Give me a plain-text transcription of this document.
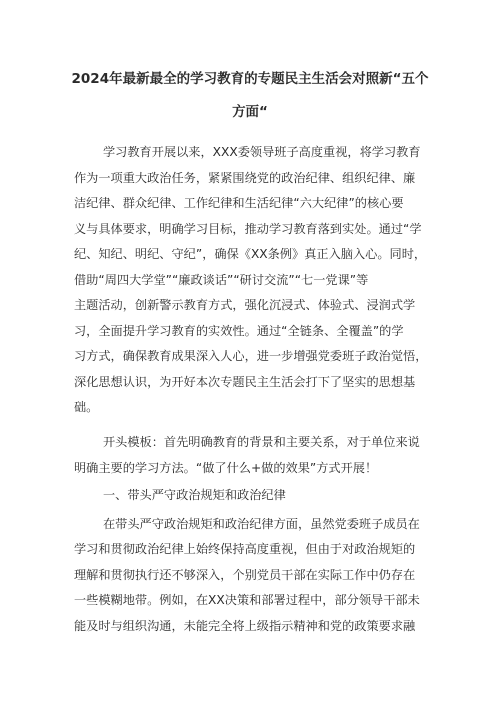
2024年最新最全的学习教育的专题民主生活会对照新“五个
方面“
学习教育开展以来，XXX委领导班子高度重视，将学习教育
作为一项重大政治任务，紧紧围绕党的政治纪律、组织纪律、廉
洁纪律、群众纪律、工作纪律和生活纪律“六大纪律”的核心要
义与具体要求，明确学习目标，推动学习教育落到实处。通过“学
纪、知纪、明纪、守纪”，确保《XX条例》真正入脑入心。同时，
借助“周四大学堂”“廉政谈话”“研讨交流”“七一党课”等
主题活动，创新警示教育方式，强化沉浸式、体验式、浸润式学
习，全面提升学习教育的实效性。通过“全链条、全覆盖”的学
习方式，确保教育成果深入人心，进一步增强党委班子政治觉悟，
深化思想认识，为开好本次专题民主生活会打下了坚实的思想基
础。
开头模板：首先明确教育的背景和主要关系，对于单位来说
明确主要的学习方法。“做了什么+做的效果”方式开展！
一、带头严守政治规矩和政治纪律
在带头严守政治规矩和政治纪律方面，虽然党委班子成员在
学习和贯彻政治纪律上始终保持高度重视，但由于对政治规矩的
理解和贯彻执行还不够深入，个别党员干部在实际工作中仍存在
一些模糊地带。例如，在XX决策和部署过程中，部分领导干部未
能及时与组织沟通，未能完全将上级指示精神和党的政策要求融
